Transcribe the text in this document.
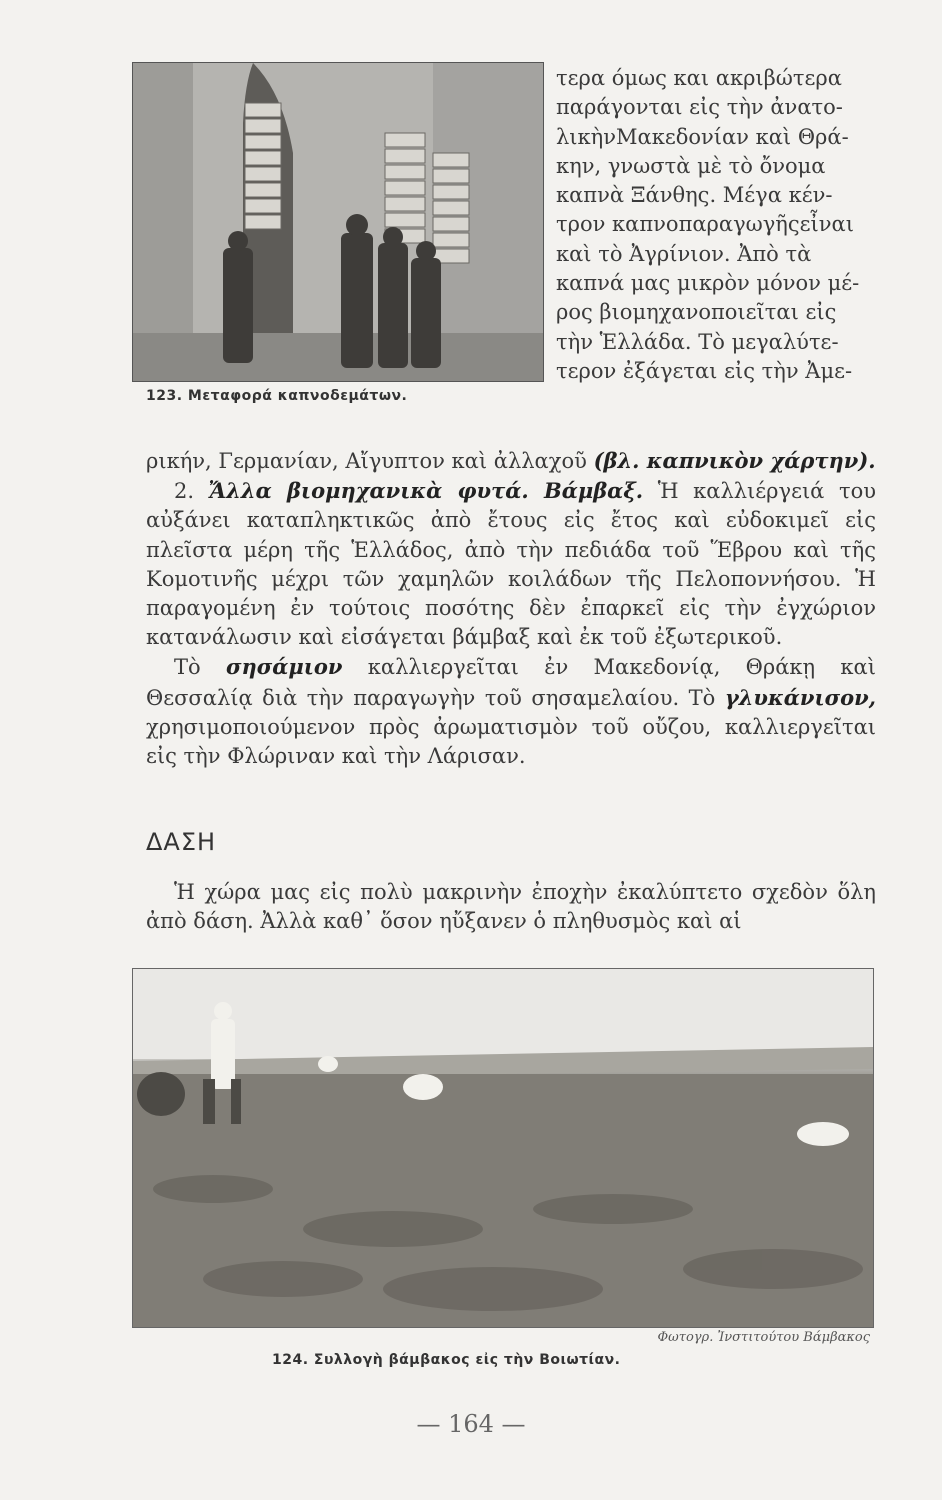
123. Μεταφορά καπνοδεμάτων.

τερα όμως και ακριβώτερα

παράγονται εἰς τὴν ἀνατο-

λικὴνΜακεδονίαν καὶ Θρά-

κην, γνωστὰ μὲ τὸ ὄνομα

καπνὰ Ξάνθης. Μέγα κέν-

τρον καπνοπαραγωγῆςεἶναι

καὶ τὸ Ἀγρίνιον. Ἀπὸ τὰ

καπνά μας μικρὸν μόνον μέ-

ρος βιομηχανοποιεῖται εἰς

τὴν Ἑλλάδα. Τὸ μεγαλύτε-

τερον ἐξάγεται εἰς τὴν Ἀμε-

ρικήν, Γερμανίαν, Αἴγυπτον καὶ ἀλλαχοῦ (βλ. καπνικὸν χάρτην).

2. Ἄλλα βιομηχανικὰ φυτά. Βάμβαξ. Ἡ καλλιέργειά του αὐξάνει καταπληκτικῶς ἀπὸ ἔτους εἰς ἔτος καὶ εὐδοκιμεῖ εἰς πλεῖστα μέρη τῆς Ἑλλάδος, ἀπὸ τὴν πεδιάδα τοῦ Ἕβρου καὶ τῆς Κομοτινῆς μέχρι τῶν χαμηλῶν κοιλάδων τῆς Πελοποννήσου. Ἡ παραγομένη ἐν τούτοις ποσότης δὲν ἐπαρκεῖ εἰς τὴν ἐγχώριον κατανάλωσιν καὶ εἰσάγεται βάμβαξ καὶ ἐκ τοῦ ἐξωτερικοῦ.

Τὸ σησάμιον καλλιεργεῖται ἐν Μακεδονίᾳ, Θράκῃ καὶ Θεσσαλίᾳ διὰ τὴν παραγωγὴν τοῦ σησαμελαίου. Τὸ γλυκάνισον, χρησιμοποιούμενον πρὸς ἀρωματισμὸν τοῦ οὔζου, καλλιεργεῖται εἰς τὴν Φλώριναν καὶ τὴν Λάρισαν.

ΔΑΣΗ

Ἡ χώρα μας εἰς πολὺ μακρινὴν ἐποχὴν ἐκαλύπτετο σχεδὸν ὅλη ἀπὸ δάση. Ἀλλὰ καθ᾽ ὅσον ηὔξανεν ὁ πληθυσμὸς καὶ αἱ

Φωτογρ. Ἰνστιτούτου Βάμβακος
124. Συλλογὴ βάμβακος εἰς τὴν Βοιωτίαν.
— 164 —
